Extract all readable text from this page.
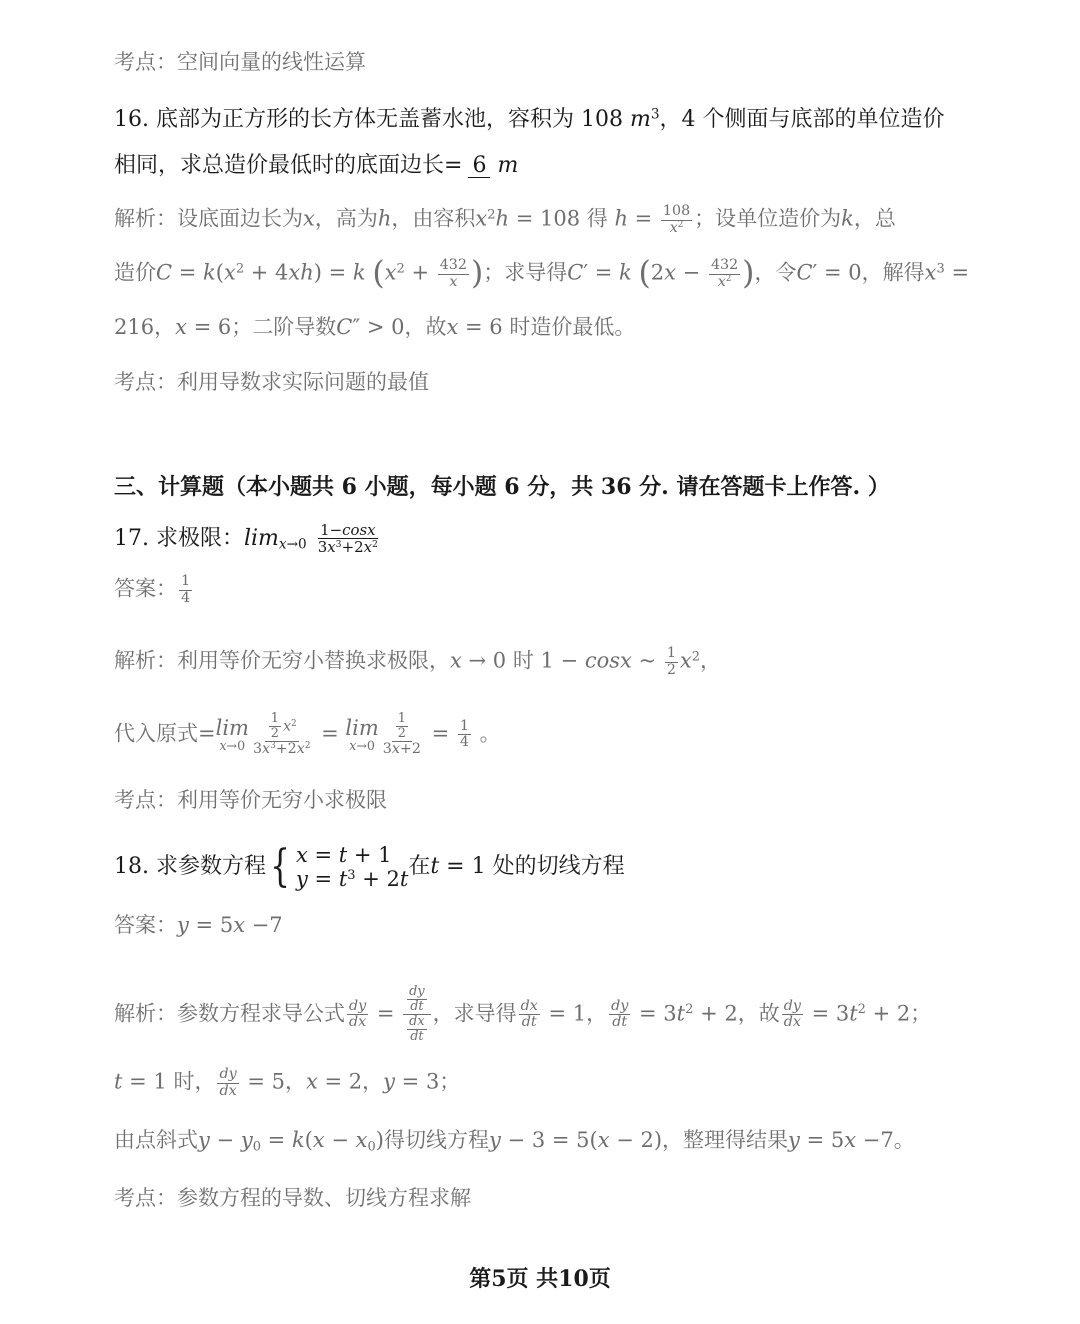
考点：空间向量的线性运算
16. 底部为正方形的长方体无盖蓄水池，容积为 108 $m^3$，4 个侧面与底部的单位造价
相同，求总造价最低时的底面边长= 6 m
解析：设底面边长为x，高为h，由容积$x^2h = 108$ 得 $h = \frac{108}{x^2}$ ；设单位造价为k，总
造价$C = k(x^2 + 4xh) = k$ ($x^2 + \frac{432}{x}$ )；求导得C′ = k ($2x - \frac{432}{x^2}$ )，令C′ = 0，解得$x^3$ =
216，x = 6；二阶导数C″ > 0，故x = 6 时造价最低。
考点：利用导数求实际问题的最值
三、计算题（本小题共 6 小题，每小题 6 分，共 36 分. 请在答题卡上作答. ）
17. 求极限：$\lim_{x\to 0} \frac{1-\cos x}{3x^3+2x^2}$
答案： $\frac{1}{4}$
解析：利用等价无穷小替换求极限，x → 0 时 1 − cosx ~ $\frac{1}{2} x^2$，
代入原式= lim
$x\to 0 \frac{\frac{1}{2} x^2}{3x^3+2x^2} = \lim$
$x\to 0 \frac{\frac{1}{2}}{3x+2} = \frac{1}{4}$ 。
考点：利用等价无穷小求极限
18. 求参数方程{ x = t + 1
$y = t^3 + 2t$ 在t = 1 处的切线方程
答案：y = 5x −7
解析：参数方程求导公式 $\frac{dy}{dx} = \frac{\frac{dy}{dt}}{\frac{dx}{dt}}$ ，求导得 $\frac{dx}{dt} = 1$， $\frac{dy}{dt} = 3t^2 + 2$，故 $\frac{dy}{dx} = 3t^2 + 2$；
t = 1 时， $\frac{dy}{dx} = 5$，x = 2，y = 3；
由点斜式$y - y_0 = k(x - x_0)$得切线方程y − 3 = 5(x − 2)，整理得结果y = 5x −7。
考点：参数方程的导数、切线方程求解
第5页 共10页
